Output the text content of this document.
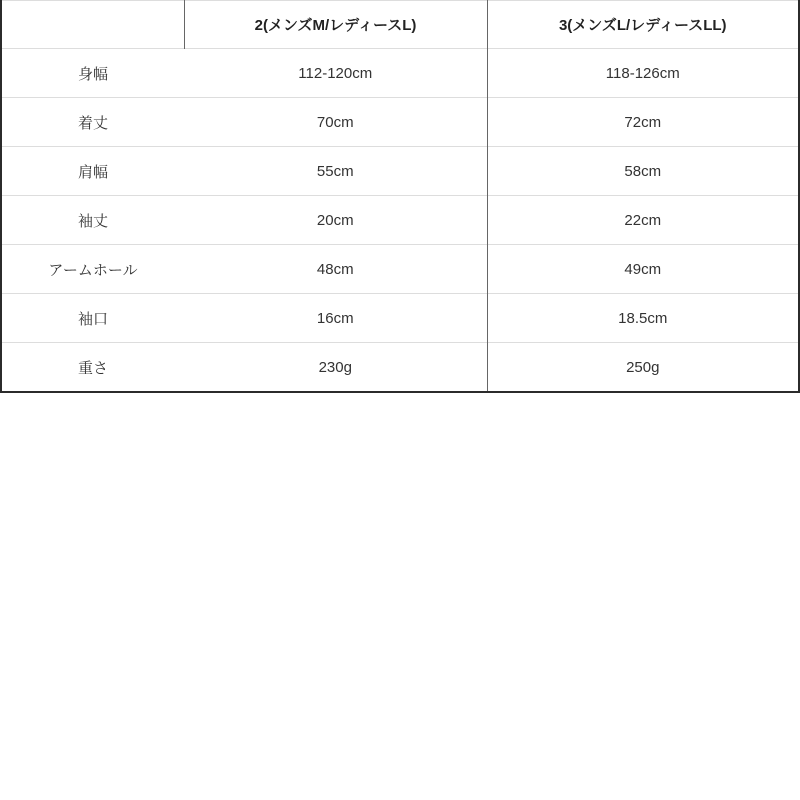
	2(メンズM/レディースL)	3(メンズL/レディースLL)
身幅	112-120cm	118-126cm
着丈	70cm	72cm
肩幅	55cm	58cm
袖丈	20cm	22cm
アームホール	48cm	49cm
袖口	16cm	18.5cm
重さ	230g	250g
